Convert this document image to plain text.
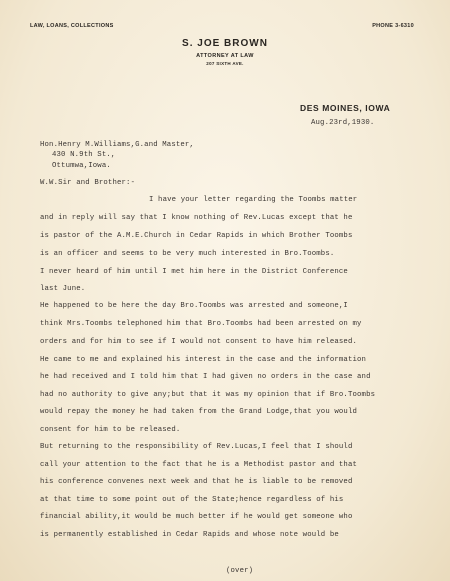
LAW, LOANS, COLLECTIONS	PHONE 3-6310
S. JOE BROWN
ATTORNEY AT LAW
207 SIXTH AVE.
DES MOINES, IOWA
Aug.23rd,1930.
Hon.Henry M.Williams,G.and Master,
430 N.9th St.,
Ottumwa,Iowa.
W.W.Sir and Brother:-
I have your letter regarding the Toombs matter
and in reply will say that I know nothing of Rev.Lucas except that he
is pastor of the A.M.E.Church in Cedar Rapids in which Brother Toombs
is an officer and seems to be very much interested in Bro.Toombs.
I never heard of him until I met him here in the District Conference
last June.
He happened to be here the day Bro.Toombs was arrested and someone,I
think Mrs.Toombs telephoned him that Bro.Toombs had been arrested on my
orders and for him to see if I would not consent to have him released.
He came to me and explained his interest in the case and the information
he had received and I told him that I had given no orders in the case and
had no authority to give any;but that it was my opinion that if Bro.Toombs
would repay the money he had taken from the Grand Lodge,that you would
consent for him to be released.
But returning to the responsibility of Rev.Lucas,I feel that I should
call your attention to the fact that he is a Methodist pastor and that
his conference convenes next week and that he is liable to be removed
at that time to some point out of the State;hence regardless of his
financial ability,it would be much better if he would get someone who
is permanently established in Cedar Rapids and whose note would be
(over)
